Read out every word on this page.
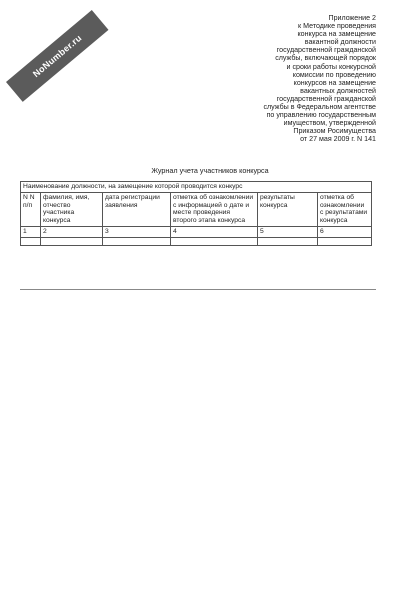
NoNumber.ru
Приложение 2
к Методике проведения
конкурса на замещение
вакантной должности
государственной гражданской
службы, включающей порядок
и сроки работы конкурсной
комиссии по проведению
конкурсов на замещение
вакантных должностей
государственной гражданской
службы в Федеральном агентстве
по управлению государственным
имуществом, утвержденной
Приказом Росимущества
от 27 мая 2009 г. N 141
Журнал учета участников конкурса
Наименование должности, на замещение которой проводится конкурс					
N N п/п	фамилия, имя, отчество участника конкурса	дата регистрации заявления	отметка об ознакомлении с информацией о дате и месте проведения второго этапа конкурса	результаты конкурса	отметка об ознакомлении с результатами конкурса
1	2	3	4	5	6
